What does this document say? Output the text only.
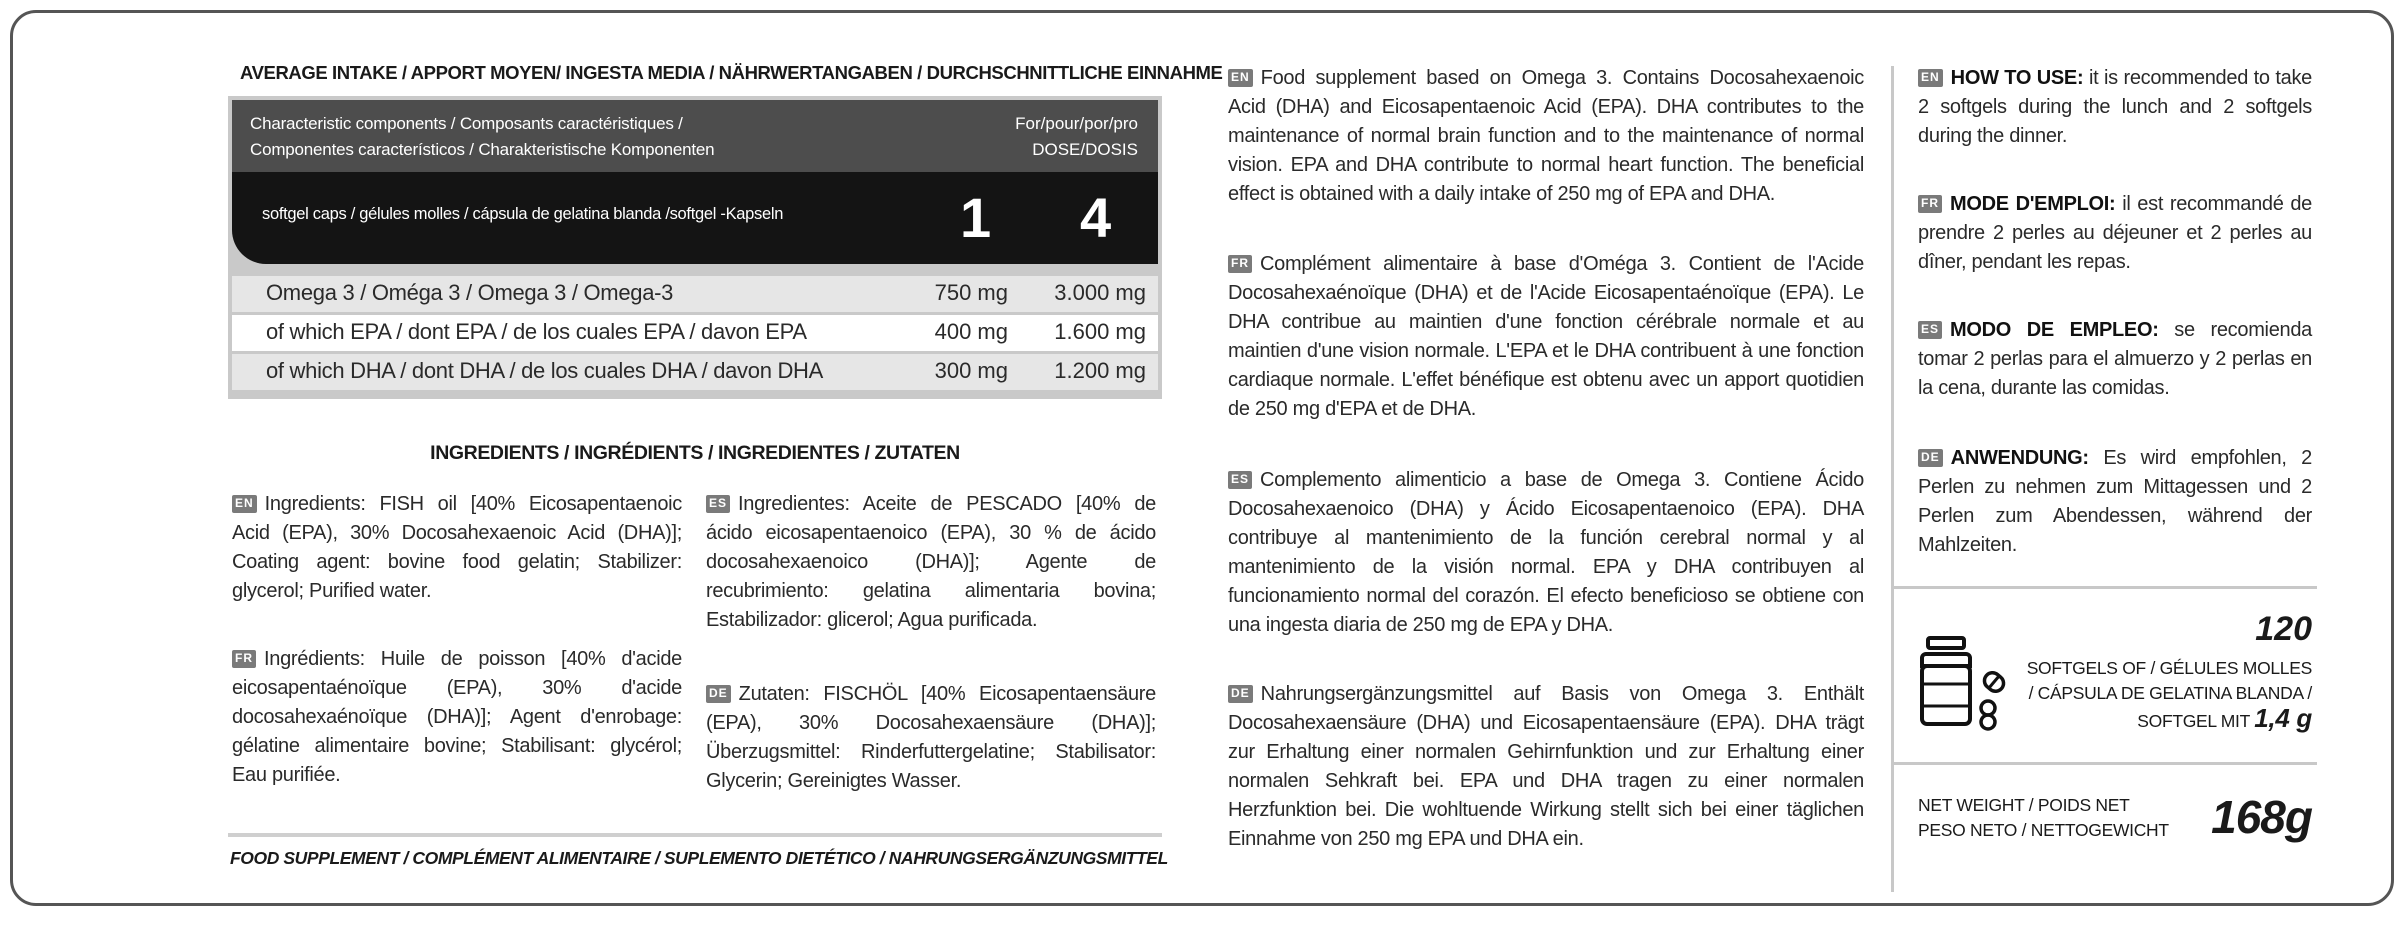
AVERAGE INTAKE / APPORT MOYEN/ INGESTA MEDIA / NÄHRWERTANGABEN / DURCHSCHNITTLICHE EINNAHME
Characteristic components / Composants caractéristiques /
Componentes característicos / Charakteristische Komponenten
For/pour/por/pro
DOSE/DOSIS
softgel caps / gélules molles / cápsula de gelatina blanda /softgel -Kapseln	1 4
Omega 3 / Oméga 3 / Omega 3 / Omega-3	750 mg 3.000 mg
of which EPA / dont EPA / de los cuales EPA / davon EPA	400 mg 1.600 mg
of which DHA / dont DHA / de los cuales DHA / davon DHA	300 mg 1.200 mg
INGREDIENTS / INGRÉDIENTS / INGREDIENTES / ZUTATEN
EN Ingredients: FISH oil [40% Eicosapentaenoic Acid (EPA), 30% Docosahexaenoic Acid (DHA)]; Coating agent: bovine food gelatin; Stabilizer: glycerol; Purified water.
FR Ingrédients: Huile de poisson [40% d'acide eicosapentaénoïque (EPA), 30% d'acide docosahexaénoïque (DHA)]; Agent d'enrobage: gélatine alimentaire bovine; Stabilisant: glycérol; Eau purifiée.
ES Ingredientes: Aceite de PESCADO [40% de ácido eicosapentaenoico (EPA), 30 % de ácido docosahexaenoico (DHA)]; Agente de recubrimiento: gelatina alimentaria bovina; Estabilizador: glicerol; Agua purificada.
DE Zutaten: FISCHÖL [40% Eicosapentaensäure (EPA), 30% Docosahexaensäure (DHA)]; Überzugsmittel: Rinderfuttergelatine; Stabilisator: Glycerin; Gereinigtes Wasser.
FOOD SUPPLEMENT / COMPLÉMENT ALIMENTAIRE / SUPLEMENTO DIETÉTICO / NAHRUNGSERGÄNZUNGSMITTEL
EN Food supplement based on Omega 3. Contains Docosahexaenoic Acid (DHA) and Eicosapentaenoic Acid (EPA). DHA contributes to the maintenance of normal brain function and to the maintenance of normal vision. EPA and DHA contribute to normal heart function. The beneficial effect is obtained with a daily intake of 250 mg of EPA and DHA.
FR Complément alimentaire à base d'Oméga 3. Contient de l'Acide Docosahexaénoïque (DHA) et de l'Acide Eicosapentaénoïque (EPA). Le DHA contribue au maintien d'une fonction cérébrale normale et au maintien d'une vision normale. L'EPA et le DHA contribuent à une fonction cardiaque normale. L'effet bénéfique est obtenu avec un apport quotidien de 250 mg d'EPA et de DHA.
ES Complemento alimenticio a base de Omega 3. Contiene Ácido Docosahexaenoico (DHA) y Ácido Eicosapentaenoico (EPA). DHA contribuye al mantenimiento de la función cerebral normal y al mantenimiento de la visión normal. EPA y DHA contribuyen al funcionamiento normal del corazón. El efecto beneficioso se obtiene con una ingesta diaria de 250 mg de EPA y DHA.
DE Nahrungsergänzungsmittel auf Basis von Omega 3. Enthält Docosahexaensäure (DHA) und Eicosapentaensäure (EPA). DHA trägt zur Erhaltung einer normalen Gehirnfunktion und zur Erhaltung einer normalen Sehkraft bei. EPA und DHA tragen zu einer normalen Herzfunktion bei. Die wohltuende Wirkung stellt sich bei einer täglichen Einnahme von 250 mg EPA und DHA ein.
EN HOW TO USE: it is recommended to take 2 softgels during the lunch and 2 softgels during the dinner.
FR MODE D'EMPLOI: il est recommandé de prendre 2 perles au déjeuner et 2 perles au dîner, pendant les repas.
ES MODO DE EMPLEO: se recomienda tomar 2 perlas para el almuerzo y 2 perlas en la cena, durante las comidas.
DE ANWENDUNG: Es wird empfohlen, 2 Perlen zu nehmen zum Mittagessen und 2 Perlen zum Abendessen, während der Mahlzeiten.
120
SOFTGELS OF / GÉLULES MOLLES
/ CÁPSULA DE GELATINA BLANDA /
SOFTGEL MIT 1,4 g
NET WEIGHT / POIDS NET
PESO NETO / NETTOGEWICHT 168g
